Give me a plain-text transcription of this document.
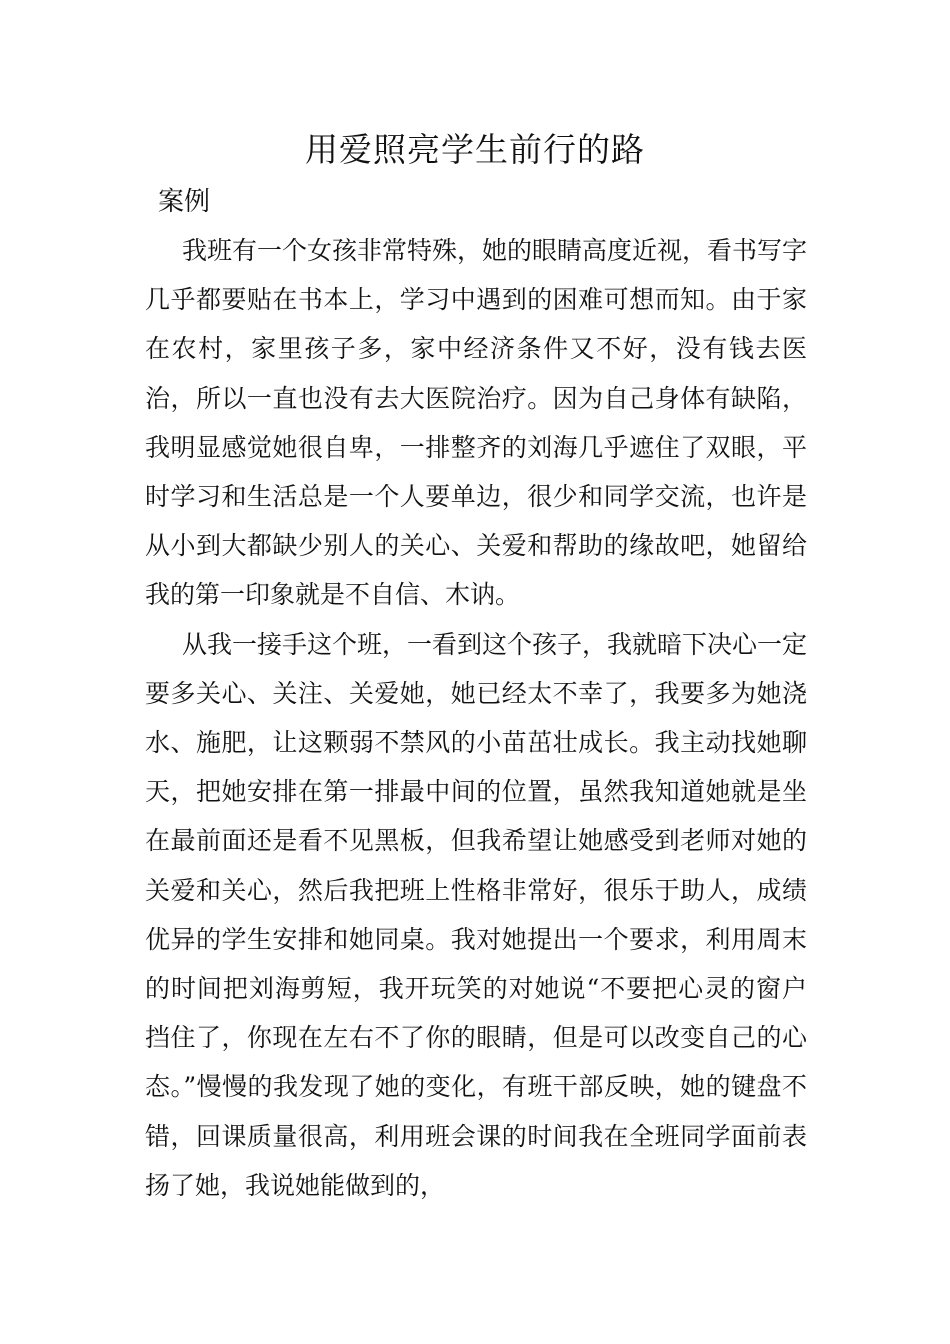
用爱照亮学生前行的路
案例

我班有一个女孩非常特殊，她的眼睛高度近视，看书写字几乎都要贴在书本上，学习中遇到的困难可想而知。由于家在农村，家里孩子多，家中经济条件又不好，没有钱去医治，所以一直也没有去大医院治疗。因为自己身体有缺陷，我明显感觉她很自卑，一排整齐的刘海几乎遮住了双眼，平时学习和生活总是一个人要单边，很少和同学交流，也许是从小到大都缺少别人的关心、关爱和帮助的缘故吧，她留给我的第一印象就是不自信、木讷。

从我一接手这个班，一看到这个孩子，我就暗下决心一定要多关心、关注、关爱她，她已经太不幸了，我要多为她浇水、施肥，让这颗弱不禁风的小苗茁壮成长。我主动找她聊天，把她安排在第一排最中间的位置，虽然我知道她就是坐在最前面还是看不见黑板，但我希望让她感受到老师对她的关爱和关心，然后我把班上性格非常好，很乐于助人，成绩优异的学生安排和她同桌。我对她提出一个要求，利用周末的时间把刘海剪短，我开玩笑的对她说“不要把心灵的窗户挡住了，你现在左右不了你的眼睛，但是可以改变自己的心态。”慢慢的我发现了她的变化，有班干部反映，她的键盘不错，回课质量很高，利用班会课的时间我在全班同学面前表扬了她，我说她能做到的，
